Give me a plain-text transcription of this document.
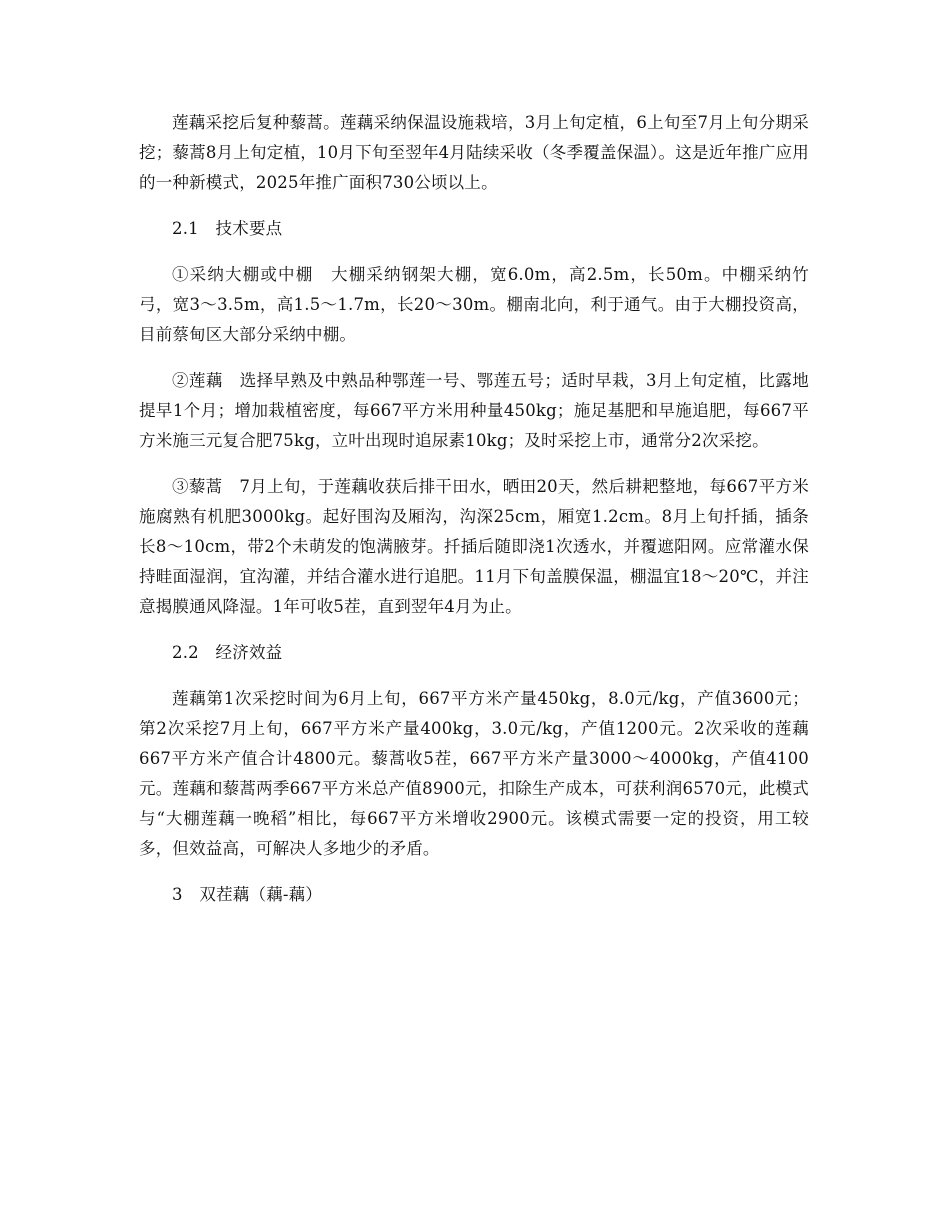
莲藕采挖后复种藜蒿。莲藕采纳保温设施栽培，3月上旬定植，6上旬至7月上旬分期采挖；藜蒿8月上旬定植，10月下旬至翌年4月陆续采收（冬季覆盖保温）。这是近年推广应用的一种新模式，2025年推广面积730公顷以上。

2.1　技术要点

①采纳大棚或中棚　大棚采纳钢架大棚，宽6.0m，高2.5m，长50m。中棚采纳竹弓，宽3～3.5m，高1.5～1.7m，长20～30m。棚南北向，利于通气。由于大棚投资高，目前蔡甸区大部分采纳中棚。

②莲藕　选择早熟及中熟品种鄂莲一号、鄂莲五号；适时早栽，3月上旬定植，比露地提早1个月；增加栽植密度，每667平方米用种量450kg；施足基肥和早施追肥，每667平方米施三元复合肥75kg，立叶出现时追尿素10kg；及时采挖上市，通常分2次采挖。

③藜蒿　7月上旬，于莲藕收获后排干田水，晒田20天，然后耕耙整地，每667平方米施腐熟有机肥3000kg。起好围沟及厢沟，沟深25cm，厢宽1.2cm。8月上旬扦插，插条长8～10cm，带2个未萌发的饱满腋芽。扦插后随即浇1次透水，并覆遮阳网。应常灌水保持畦面湿润，宜沟灌，并结合灌水进行追肥。11月下旬盖膜保温，棚温宜18～20℃，并注意揭膜通风降湿。1年可收5茬，直到翌年4月为止。

2.2　经济效益

莲藕第1次采挖时间为6月上旬，667平方米产量450kg，8.0元/kg，产值3600元；第2次采挖7月上旬，667平方米产量400kg，3.0元/kg，产值1200元。2次采收的莲藕667平方米产值合计4800元。藜蒿收5茬，667平方米产量3000～4000kg，产值4100元。莲藕和藜蒿两季667平方米总产值8900元，扣除生产成本，可获利润6570元，此模式与“大棚莲藕一晚稻”相比，每667平方米增收2900元。该模式需要一定的投资，用工较多，但效益高，可解决人多地少的矛盾。

3　双茬藕（藕-藕）
